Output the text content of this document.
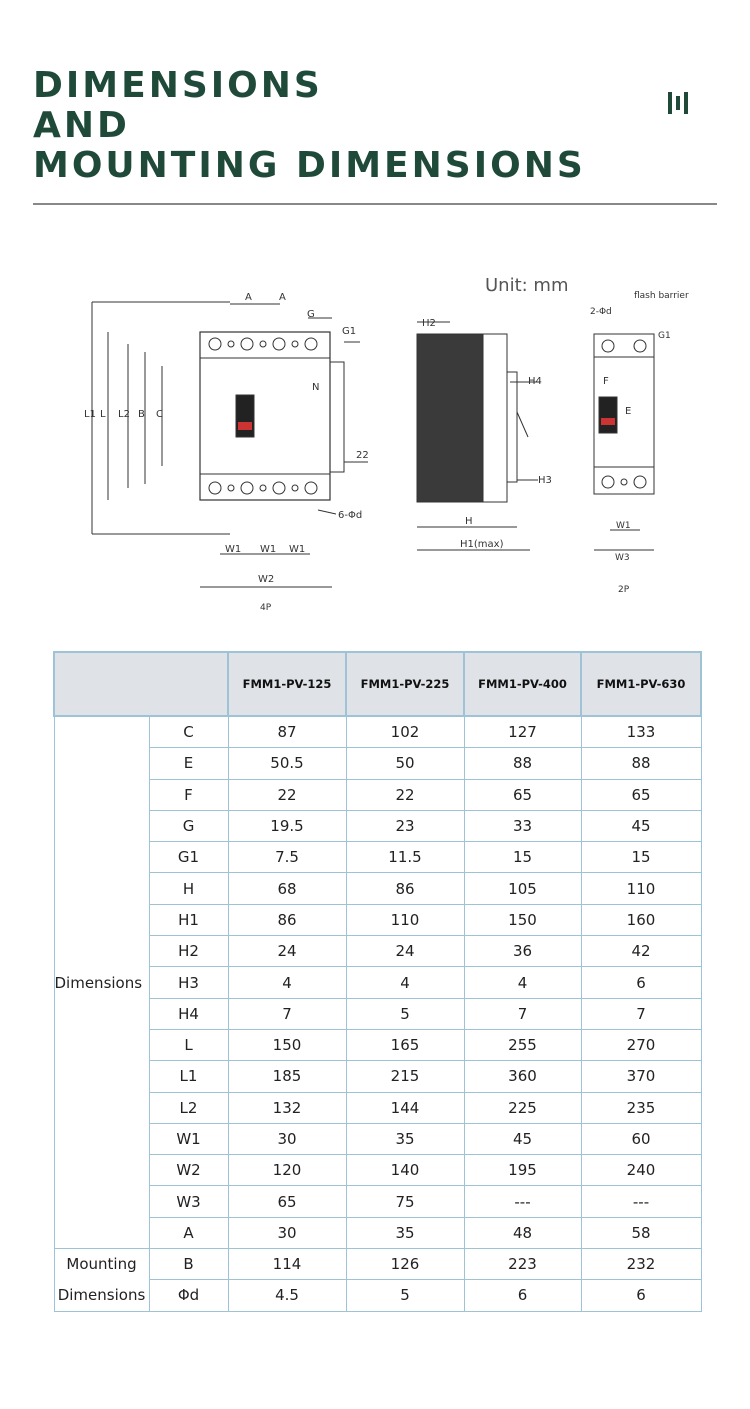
DIMENSIONS
AND
MOUNTING DIMENSIONS
Unit: mm
A	A
G
G1
N
L1 L L2 B C
22
6-Φd
W1 W1 W1
W2
4P
H2
H4
H3
H
H1(max)
2-Φd
flash barrier
G1
F
E
W1
W3
2P
		FMM1-PV-125	FMM1-PV-225	FMM1-PV-400	FMM1-PV-630
Dimensions	C	87	102	127	133
	E	50.5	50	88	88
	F	22	22	65	65
	G	19.5	23	33	45
	G1	7.5	11.5	15	15
	H	68	86	105	110
	H1	86	110	150	160
	H2	24	24	36	42
	H3	4	4	4	6
	H4	7	5	7	7
	L	150	165	255	270
	L1	185	215	360	370
	L2	132	144	225	235
	W1	30	35	45	60
	W2	120	140	195	240
	W3	65	75	---	---
	A	30	35	48	58
Mounting	B	114	126	223	232
Dimensions	Φd	4.5	5	6	6
